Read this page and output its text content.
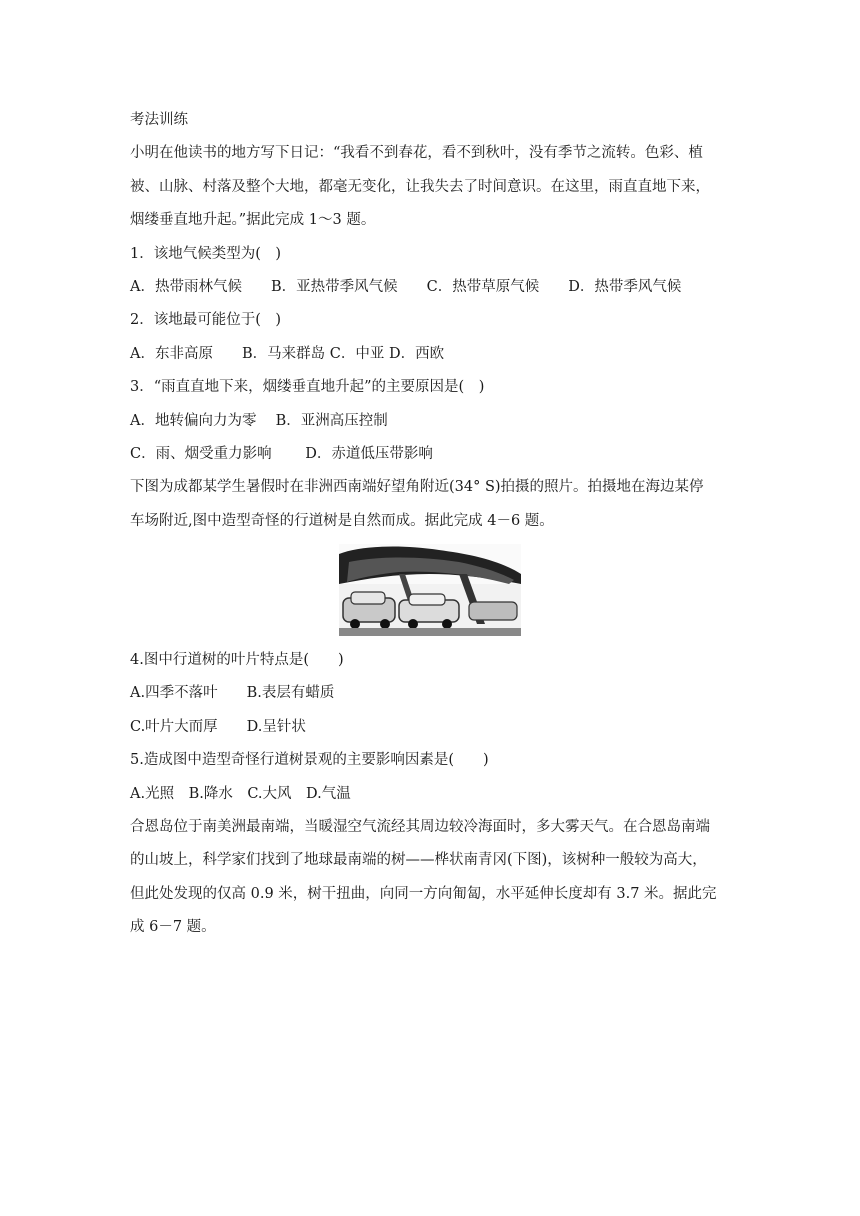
考法训练
小明在他读书的地方写下日记：“我看不到春花，看不到秋叶，没有季节之流转。色彩、植
被、山脉、村落及整个大地，都毫无变化，让我失去了时间意识。在这里，雨直直地下来，
烟缕垂直地升起。”据此完成 1～3 题。
1．该地气候类型为(　)
A．热带雨林气候　　B．亚热带季风气候　　C．热带草原气候　　D．热带季风气候
2．该地最可能位于(　)
A．东非高原　　B．马来群岛 C．中亚 D．西欧
3．“雨直直地下来，烟缕垂直地升起”的主要原因是(　)
A．地转偏向力为零　 B．亚洲高压控制
C．雨、烟受重力影响　　 D．赤道低压带影响
下图为成都某学生暑假时在非洲西南端好望角附近(34° S)拍摄的照片。拍摄地在海边某停
车场附近,图中造型奇怪的行道树是自然而成。据此完成 4－6 题。
4.图中行道树的叶片特点是(　　)
A.四季不落叶　　B.表层有蜡质
C.叶片大而厚　　D.呈针状
5.造成图中造型奇怪行道树景观的主要影响因素是(　　)
A.光照　B.降水　C.大风　D.气温
合恩岛位于南美洲最南端，当暖湿空气流经其周边较冷海面时，多大雾天气。在合恩岛南端
的山坡上，科学家们找到了地球最南端的树——桦状南青冈(下图)，该树种一般较为高大，
但此处发现的仅高 0.9 米，树干扭曲，向同一方向匍匐，水平延伸长度却有 3.7 米。据此完
成 6－7 题。
